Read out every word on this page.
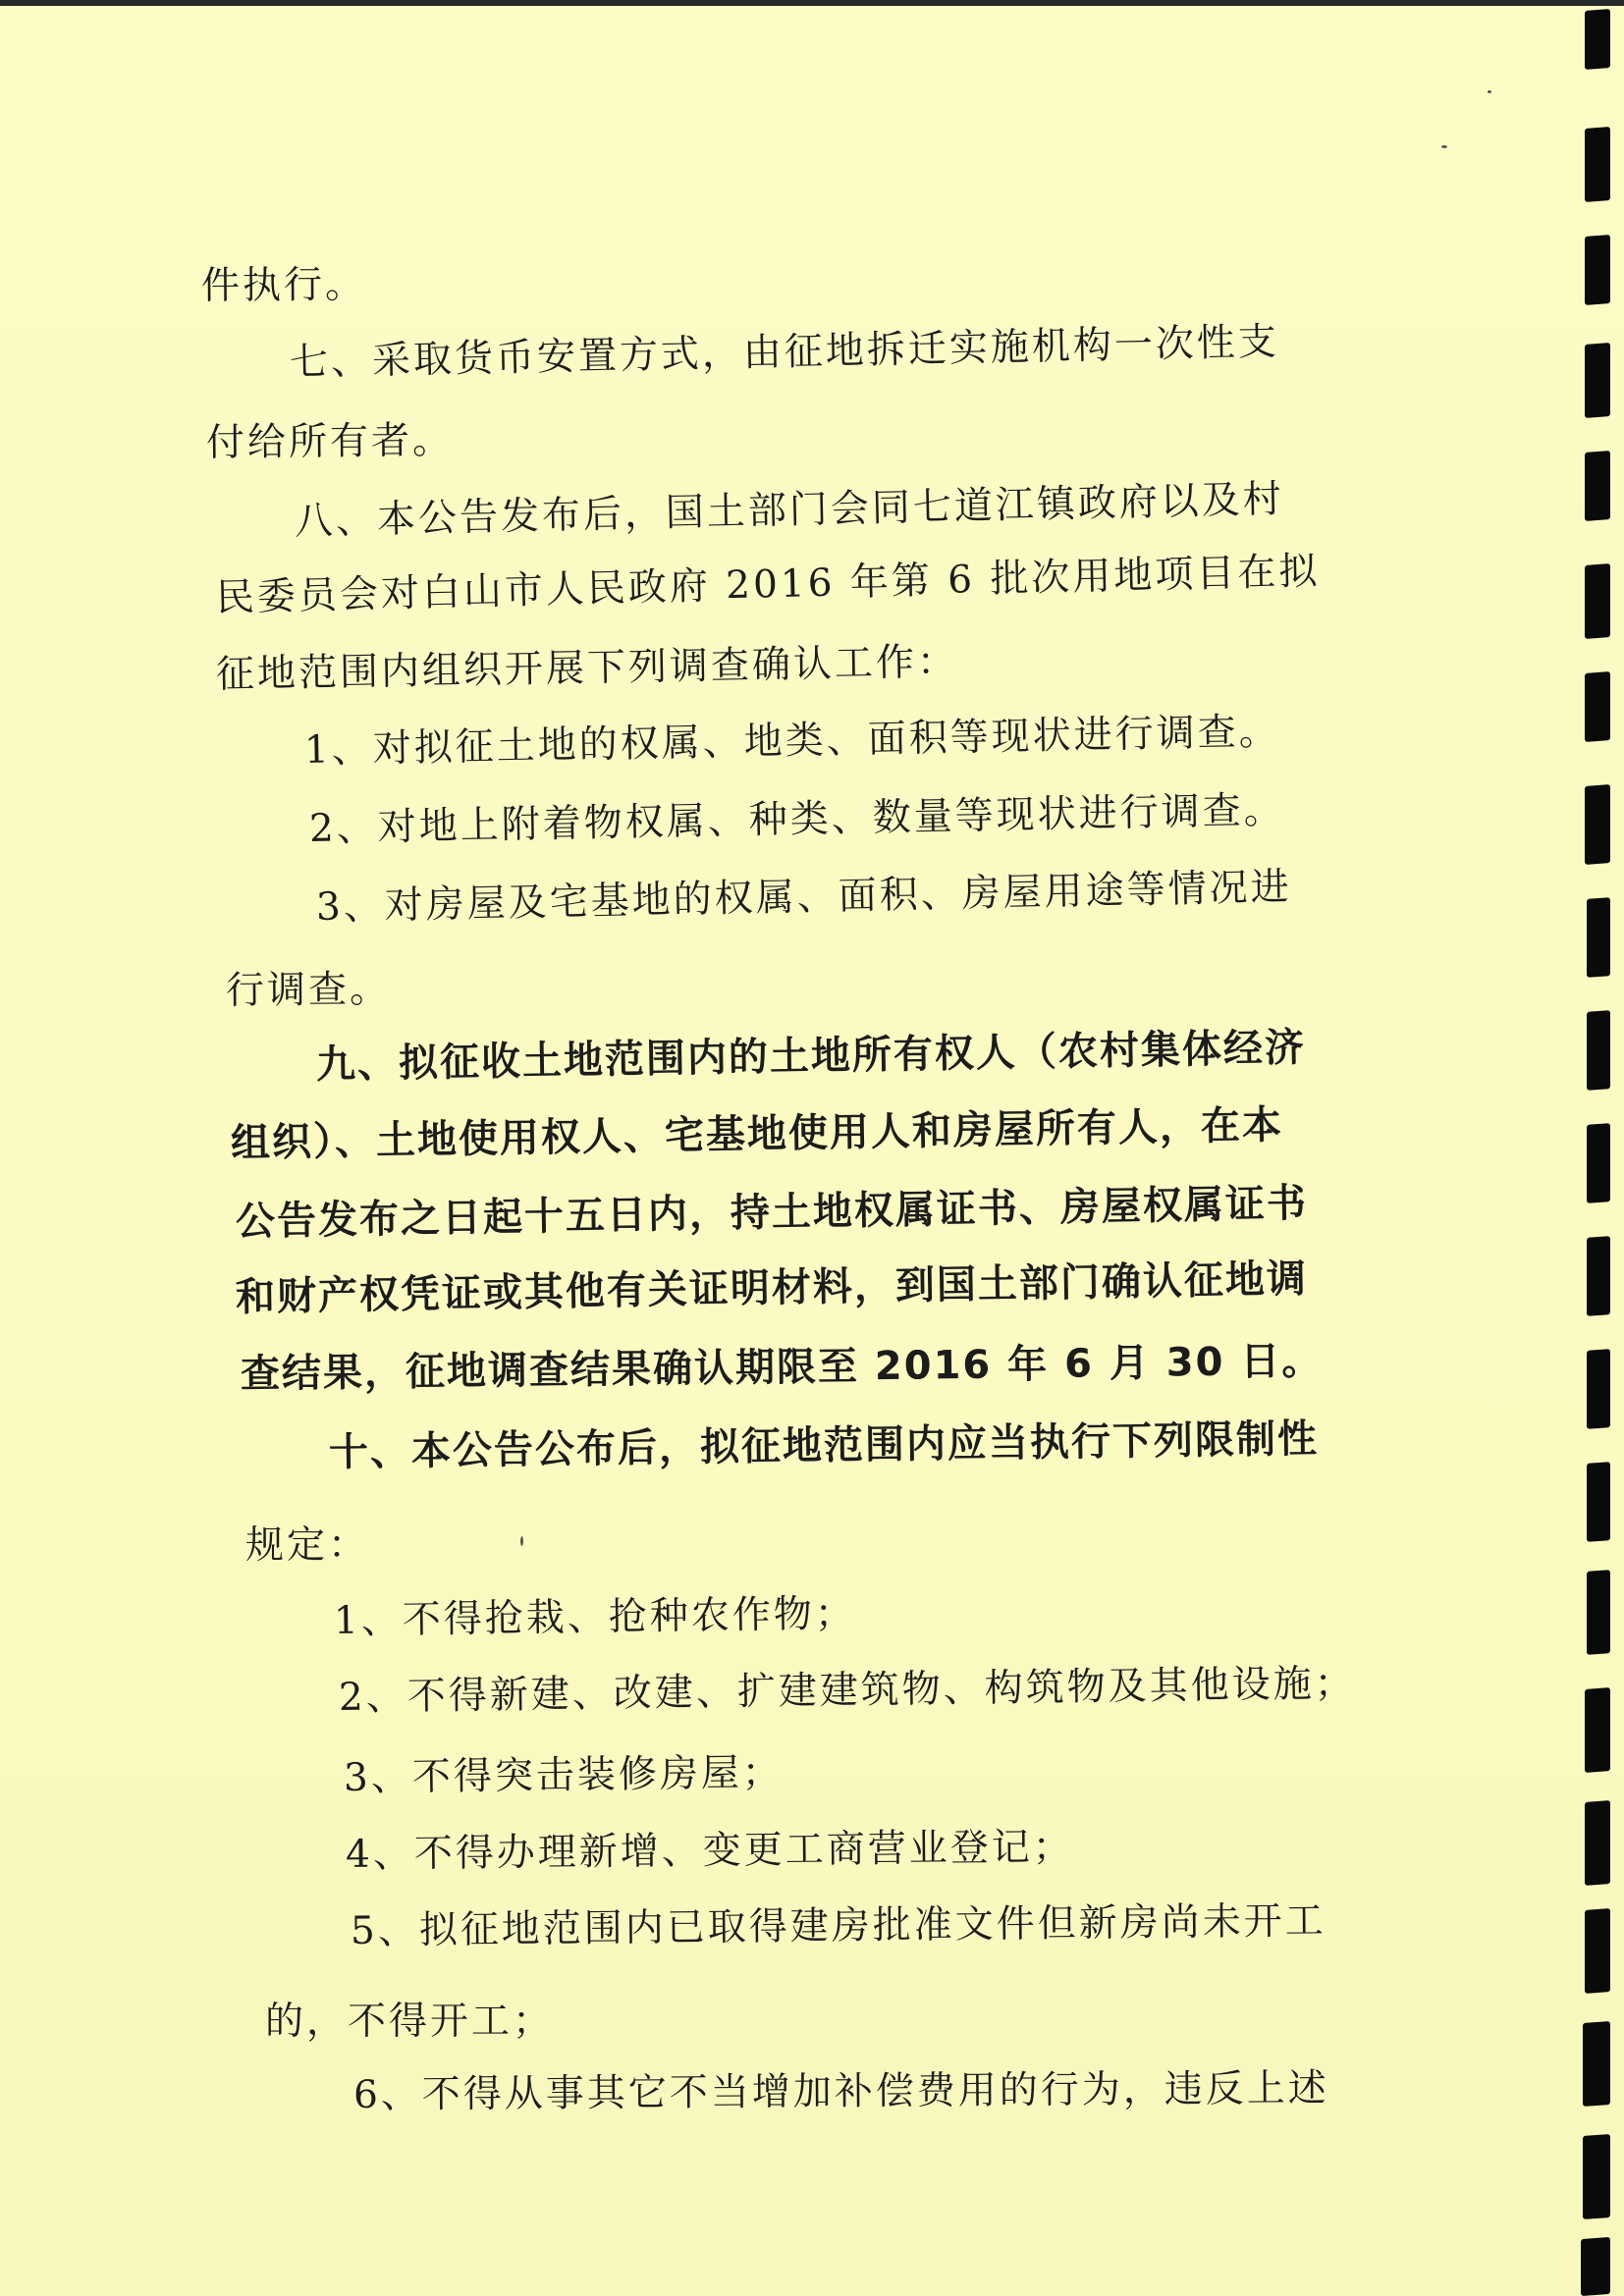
件执行。
七、采取货币安置方式，由征地拆迁实施机构一次性支
付给所有者。
八、本公告发布后，国土部门会同七道江镇政府以及村
民委员会对白山市人民政府 2016 年第 6 批次用地项目在拟
征地范围内组织开展下列调查确认工作：
1、对拟征土地的权属、地类、面积等现状进行调查。
2、对地上附着物权属、种类、数量等现状进行调查。
3、对房屋及宅基地的权属、面积、房屋用途等情况进
行调查。
九、拟征收土地范围内的土地所有权人（农村集体经济
组织）、土地使用权人、宅基地使用人和房屋所有人，在本
公告发布之日起十五日内，持土地权属证书、房屋权属证书
和财产权凭证或其他有关证明材料，到国土部门确认征地调
查结果，征地调查结果确认期限至 2016 年 6 月 30 日。
十、本公告公布后，拟征地范围内应当执行下列限制性
规定：
1、不得抢栽、抢种农作物；
2、不得新建、改建、扩建建筑物、构筑物及其他设施；
3、不得突击装修房屋；
4、不得办理新增、变更工商营业登记；
5、拟征地范围内已取得建房批准文件但新房尚未开工
的，不得开工；
6、不得从事其它不当增加补偿费用的行为，违反上述
